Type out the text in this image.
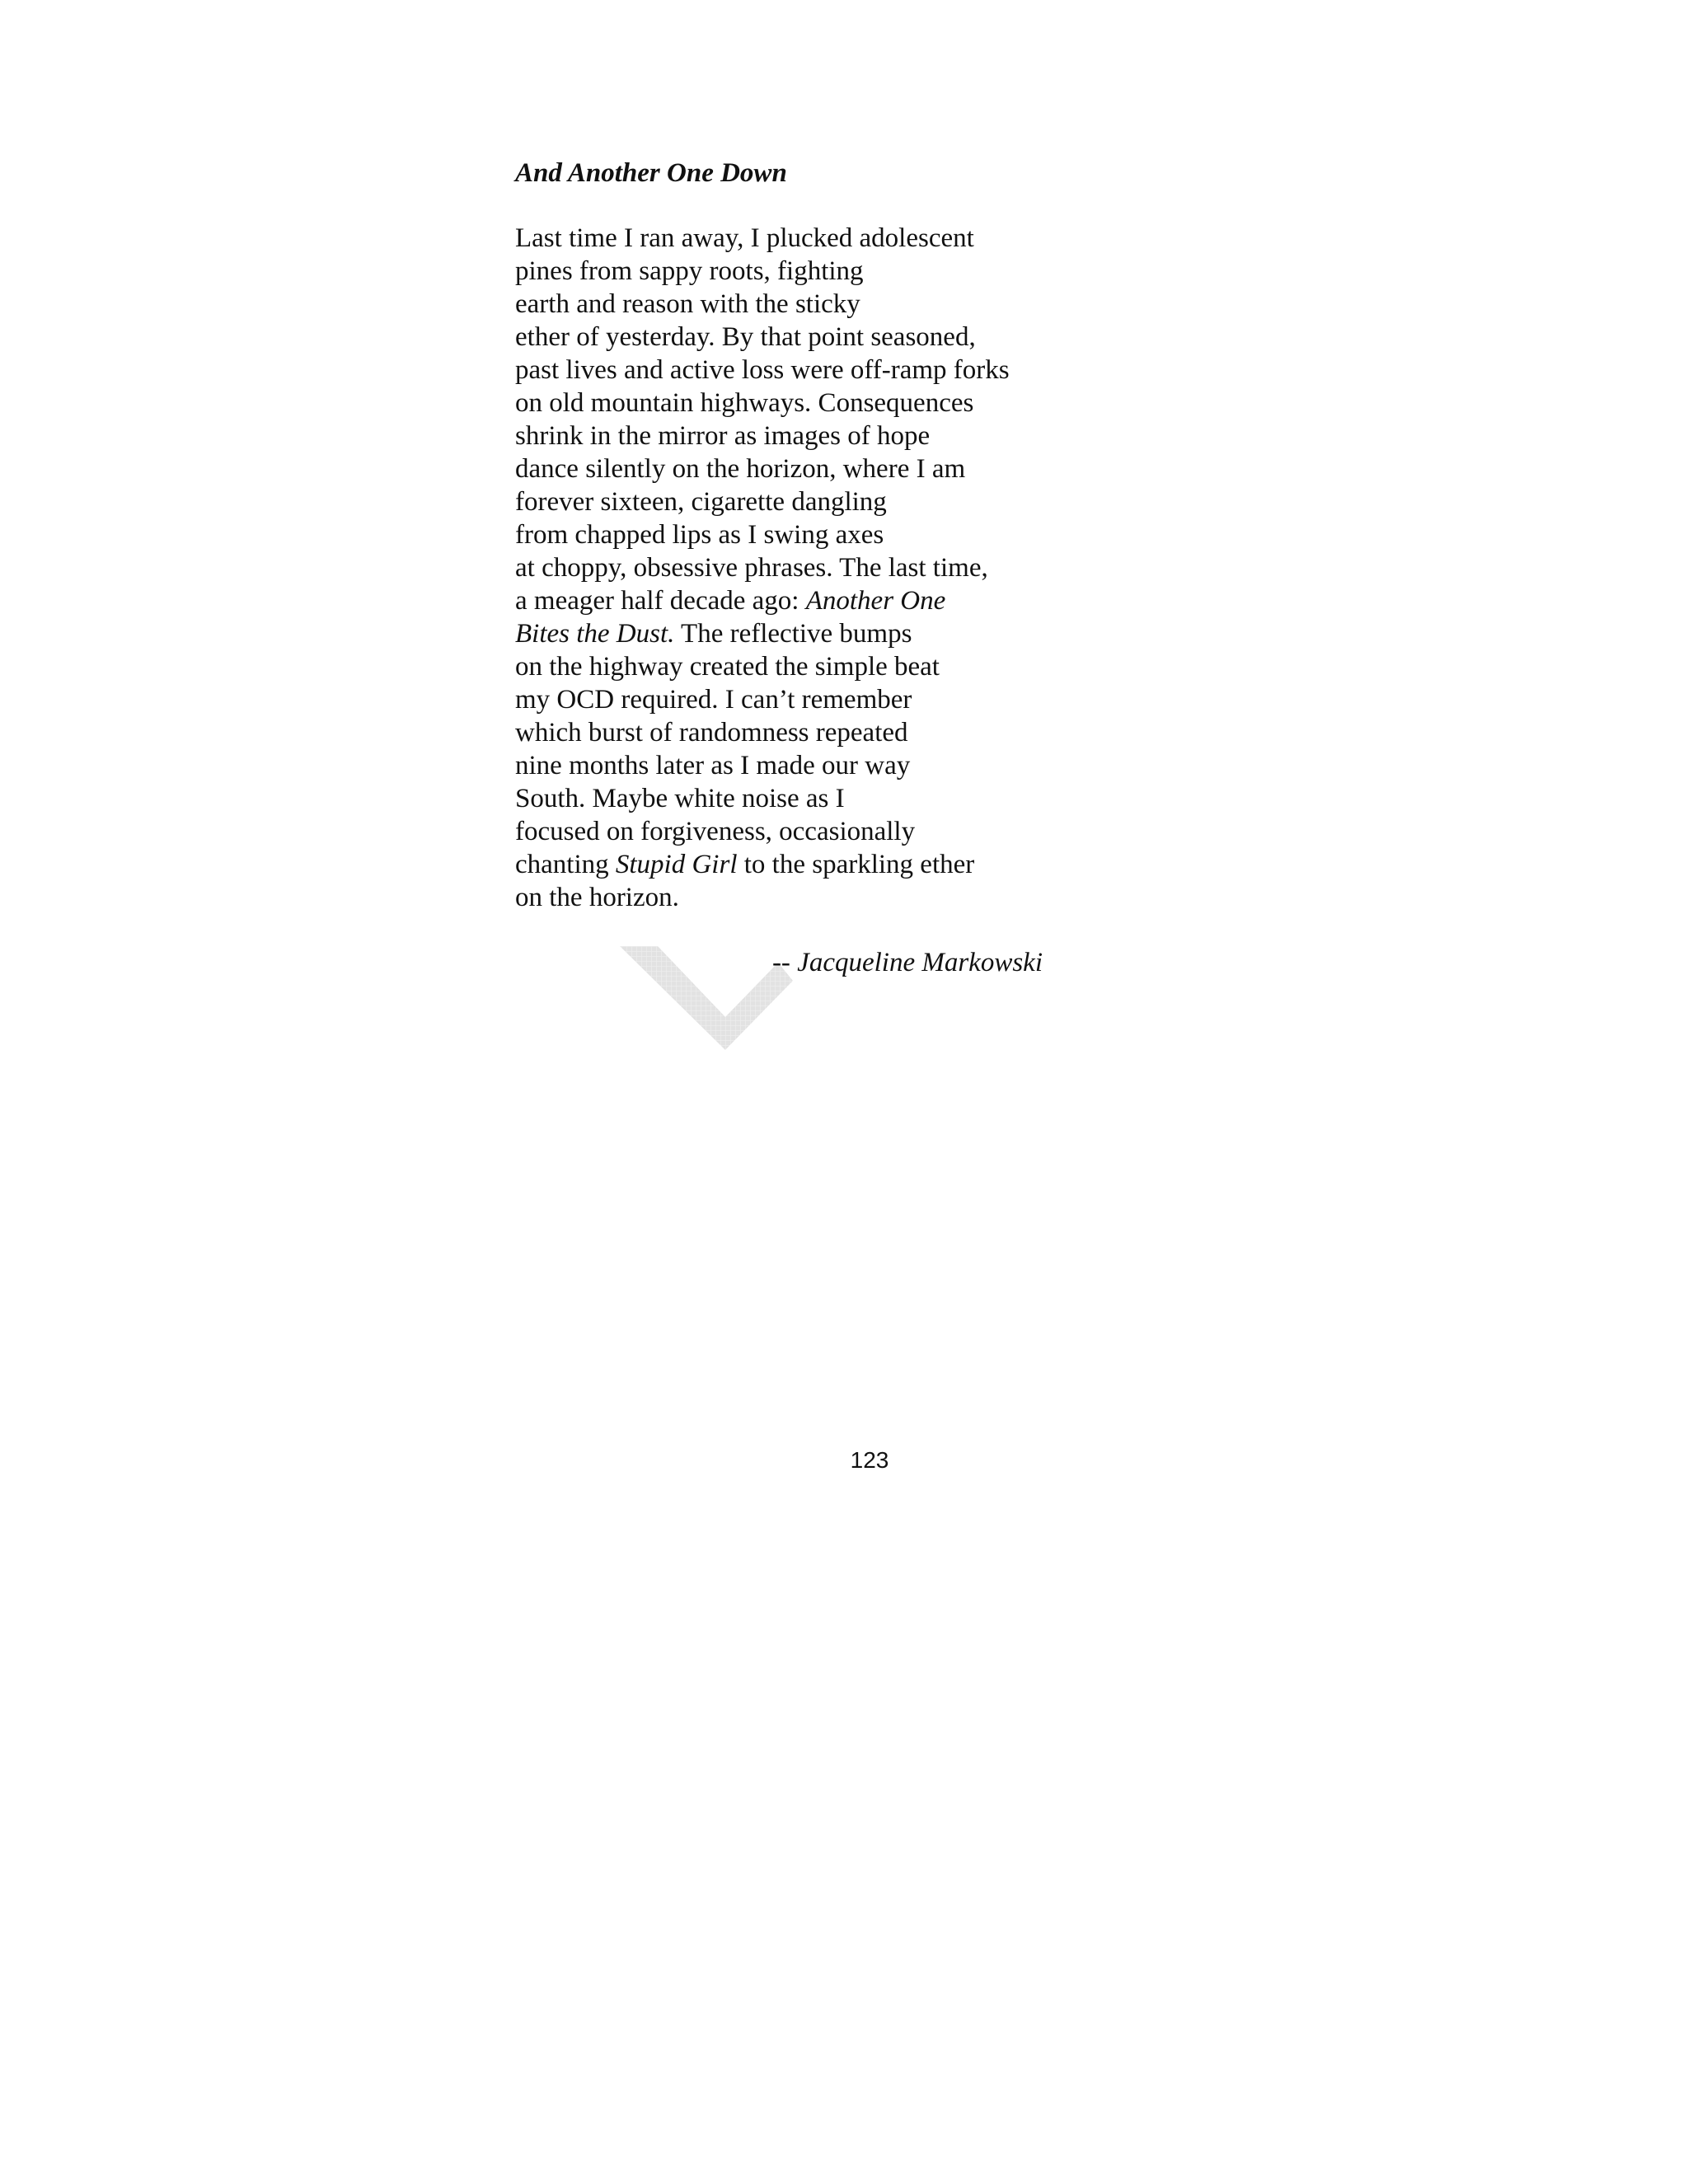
And Another One Down
Last time I ran away, I plucked adolescent
pines from sappy roots, fighting
earth and reason with the sticky
ether of yesterday. By that point seasoned,
past lives and active loss were off-ramp forks
on old mountain highways. Consequences
shrink in the mirror as images of hope
dance silently on the horizon, where I am
forever sixteen, cigarette dangling
from chapped lips as I swing axes
at choppy, obsessive phrases. The last time,
a meager half decade ago: Another One
Bites the Dust. The reflective bumps
on the highway created the simple beat
my OCD required. I can’t remember
which burst of randomness repeated
nine months later as I made our way
South. Maybe white noise as I
focused on forgiveness, occasionally
chanting Stupid Girl to the sparkling ether
on the horizon.
-- Jacqueline Markowski
123
